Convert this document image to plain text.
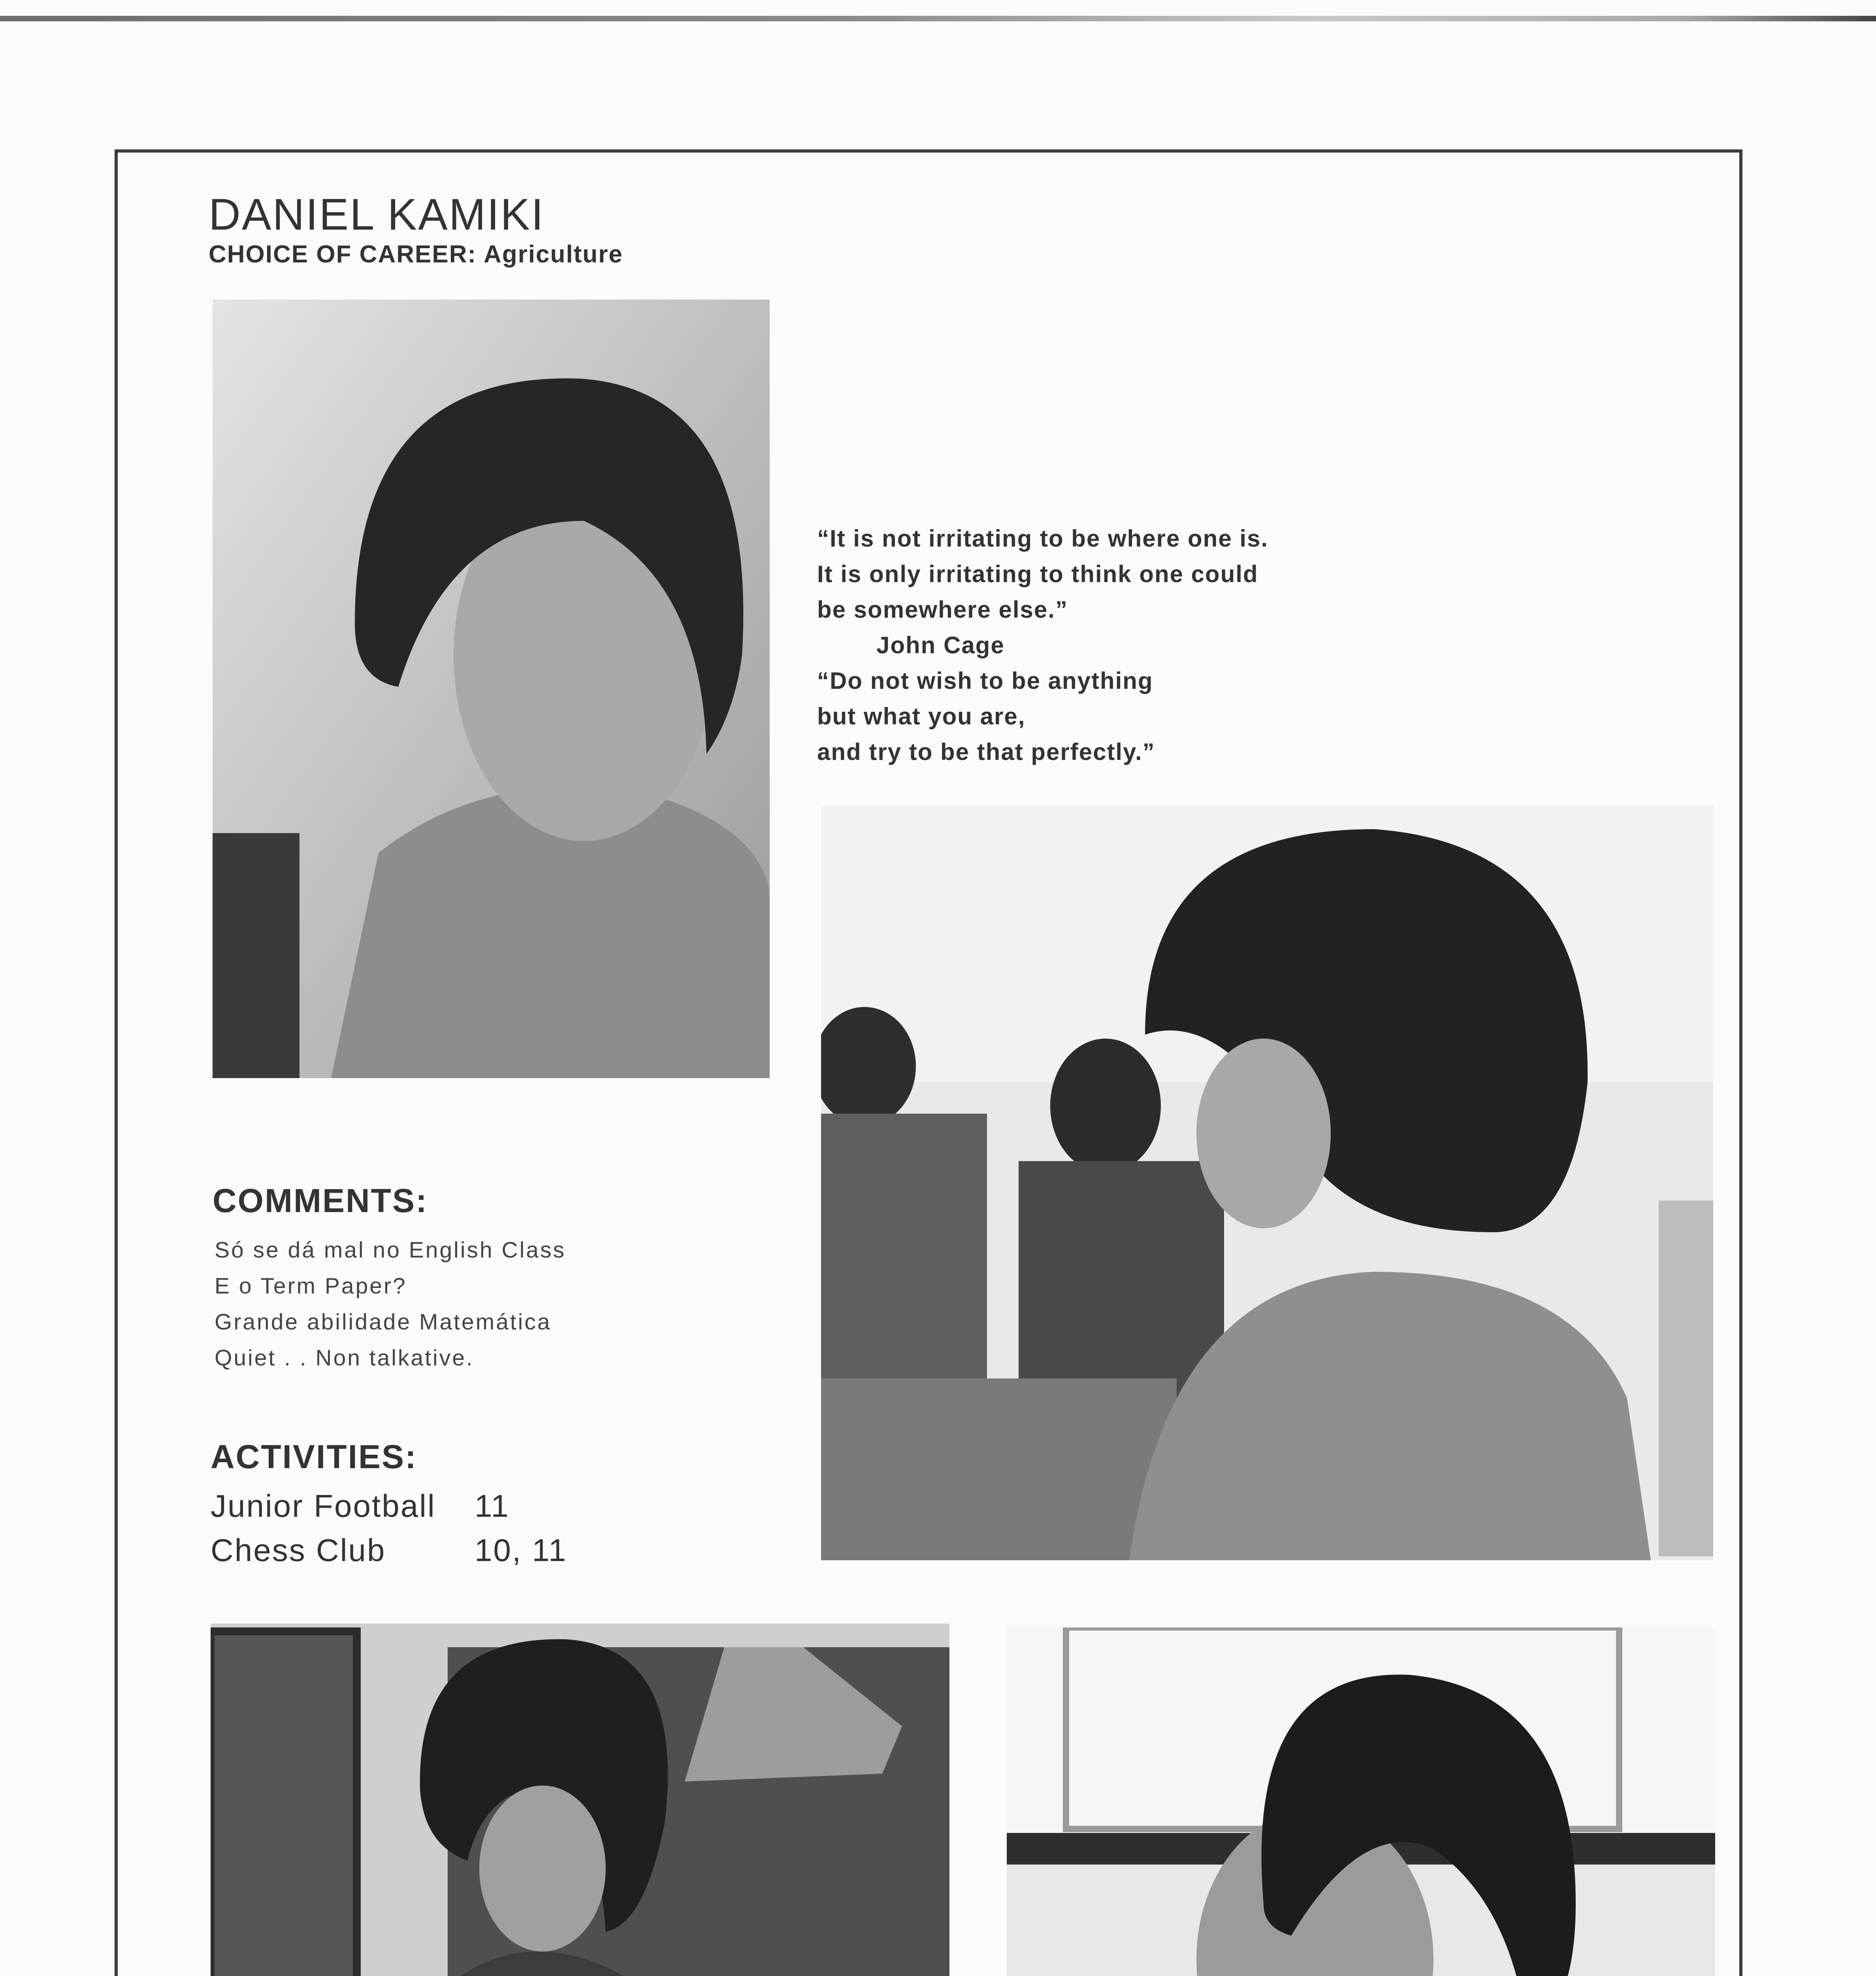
DANIEL KAMIKI
CHOICE OF CAREER: Agriculture
“It is not irritating to be where one is.
It is only irritating to think one could
be somewhere else.”
John Cage
“Do not wish to be anything
but what you are,
and try to be that perfectly.”
COMMENTS:
Só se dá mal no English Class
E o Term Paper?
Grande abilidade Matemática
Quiet . . Non talkative.
ACTIVITIES:
Junior Football	11
Chess Club	10, 11
